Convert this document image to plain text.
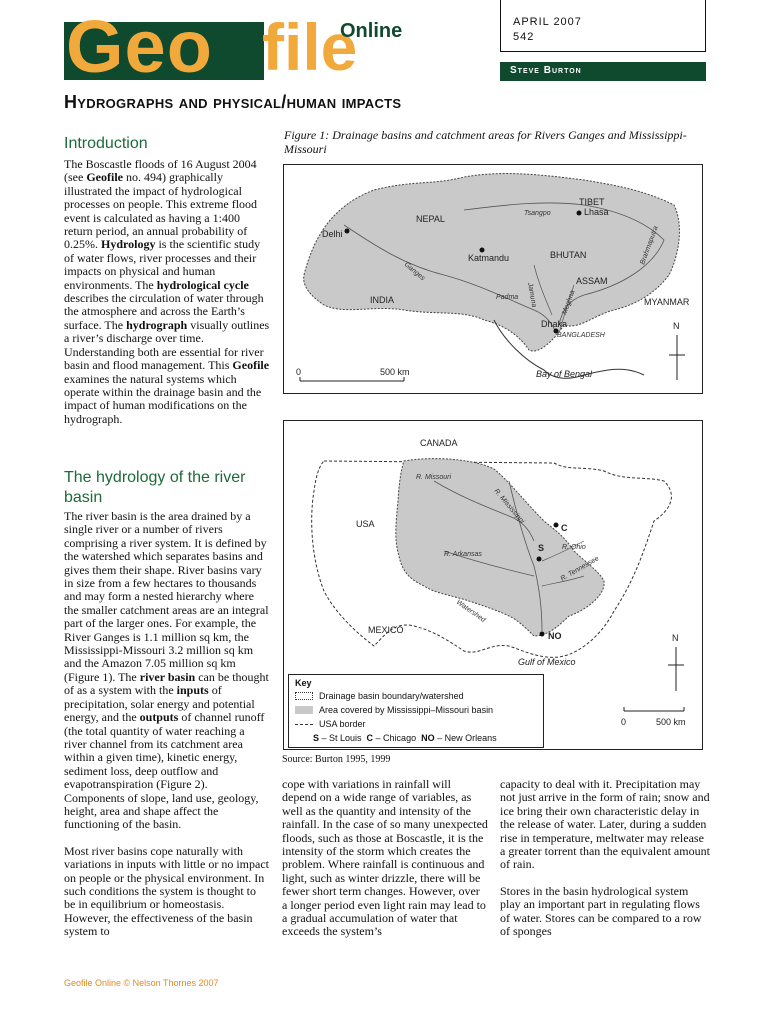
Geo file
Online	APRIL 2007
542
Steve Burton
Hydrographs and physical/human impacts
Introduction

The Boscastle floods of 16 August 2004 (see Geofile no. 494) graphically illustrated the impact of hydrological processes on people. This extreme flood event is calculated as having a 1:400 return period, an annual probability of 0.25%. Hydrology is the scientific study of water flows, river processes and their impacts on physical and human environments. The hydrological cycle describes the circulation of water through the atmosphere and across the Earth’s surface. The hydrograph visually outlines a river’s discharge over time. Understanding both are essential for river basin and flood management. This Geofile examines the natural systems which operate within the drainage basin and the impact of human modifications on the hydrograph.

The hydrology of the river
basin

The river basin is the area drained by a single river or a number of rivers comprising a river system. It is defined by the watershed which separates basins and gives them their shape. River basins vary in size from a few hectares to thousands and may form a nested hierarchy where the smaller catchment areas are an integral part of the larger ones. For example, the River Ganges is 1.1 million sq km, the Mississippi-Missouri 3.2 million sq km and the Amazon 7.05 million sq km (Figure 1). The river basin can be thought of as a system with the inputs of precipitation, solar energy and potential energy, and the outputs of channel runoff (the total quantity of water reaching a river channel from its catchment area within a given time), kinetic energy, sediment loss, deep outflow and evapotranspiration (Figure 2). Components of slope, land use, geology, height, area and shape affect the functioning of the basin.

Most river basins cope naturally with variations in inputs with little or no impact on people or the physical environment. In such conditions the system is thought to be in equilibrium or homeostasis. However, the effectiveness of the basin system to

Figure 1: Drainage basins and catchment areas for Rivers Ganges and Mississippi-Missouri
TIBET
Lhasa
NEPAL
Delhi
Katmandu	BHUTAN
ASSAM
INDIA	MYANMAR
Dhaka
BANGLADESH
Bay of Bengal
Tsangpo
Ganges
Padma Jamuna	Meghna
Brahmaputra
0	500 km
N
CANADA
USA
MEXICO
Gulf of Mexico
R. Missouri
R. Mississippi
R. Arkansas
R. Ohio
R. Tennessee
Watershed
C
S
NO
0	500 km
N
Key
Drainage basin boundary/watershed
Area covered by Mississippi–Missouri basin
USA border
S – St Louis C – Chicago NO – New Orleans
Source: Burton 1995, 1999

cope with variations in rainfall will depend on a wide range of variables, as well as the quantity and intensity of the rainfall. In the case of so many unexpected floods, such as those at Boscastle, it is the intensity of the storm which creates the problem. Where rainfall is continuous and light, such as winter drizzle, there will be fewer short term changes. However, over a longer period even light rain may lead to a gradual accumulation of water that exceeds the system’s

capacity to deal with it. Precipitation may not just arrive in the form of rain; snow and ice bring their own characteristic delay in the release of water. Later, during a sudden rise in temperature, meltwater may release a greater torrent than the equivalent amount of rain.

Stores in the basin hydrological system play an important part in regulating flows of water. Stores can be compared to a row of sponges

Geofile Online © Nelson Thornes 2007
